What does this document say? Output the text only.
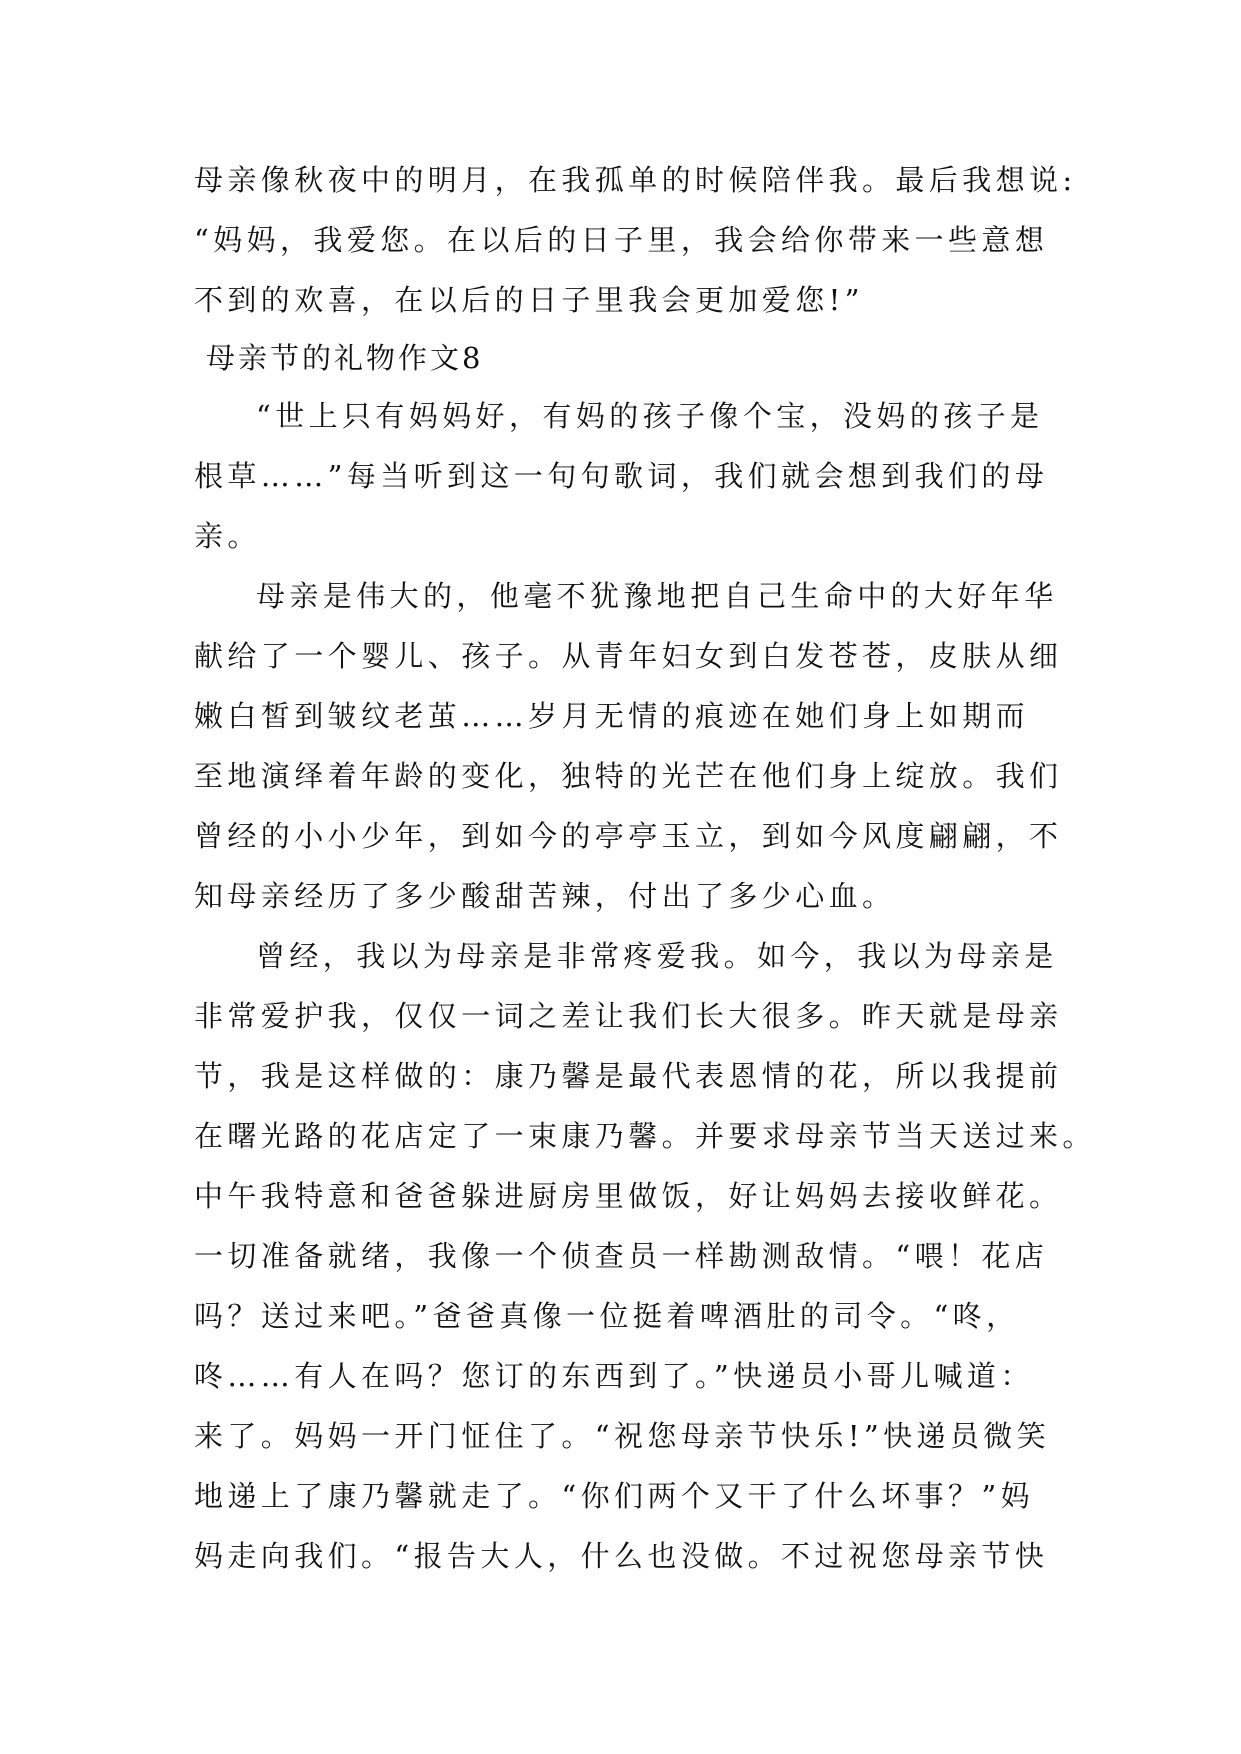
母亲像秋夜中的明月，在我孤单的时候陪伴我。最后我想说:

“妈妈，我爱您。在以后的日子里，我会给你带来一些意想

不到的欢喜，在以后的日子里我会更加爱您!”

母亲节的礼物作文8

“世上只有妈妈好，有妈的孩子像个宝，没妈的孩子是

根草……”每当听到这一句句歌词，我们就会想到我们的母

亲。

母亲是伟大的，他毫不犹豫地把自己生命中的大好年华

献给了一个婴儿、孩子。从青年妇女到白发苍苍，皮肤从细

嫩白皙到皱纹老茧……岁月无情的痕迹在她们身上如期而

至地演绎着年龄的变化，独特的光芒在他们身上绽放。我们

曾经的小小少年，到如今的亭亭玉立，到如今风度翩翩，不

知母亲经历了多少酸甜苦辣，付出了多少心血。

曾经，我以为母亲是非常疼爱我。如今，我以为母亲是

非常爱护我，仅仅一词之差让我们长大很多。昨天就是母亲

节，我是这样做的：康乃馨是最代表恩情的花，所以我提前

在曙光路的花店定了一束康乃馨。并要求母亲节当天送过来。

中午我特意和爸爸躲进厨房里做饭，好让妈妈去接收鲜花。

一切准备就绪，我像一个侦查员一样勘测敌情。“喂！花店

吗？送过来吧。”爸爸真像一位挺着啤酒肚的司令。“咚，

咚……有人在吗？您订的东西到了。”快递员小哥儿喊道：

来了。妈妈一开门怔住了。“祝您母亲节快乐!”快递员微笑

地递上了康乃馨就走了。“你们两个又干了什么坏事？”妈

妈走向我们。“报告大人，什么也没做。不过祝您母亲节快
